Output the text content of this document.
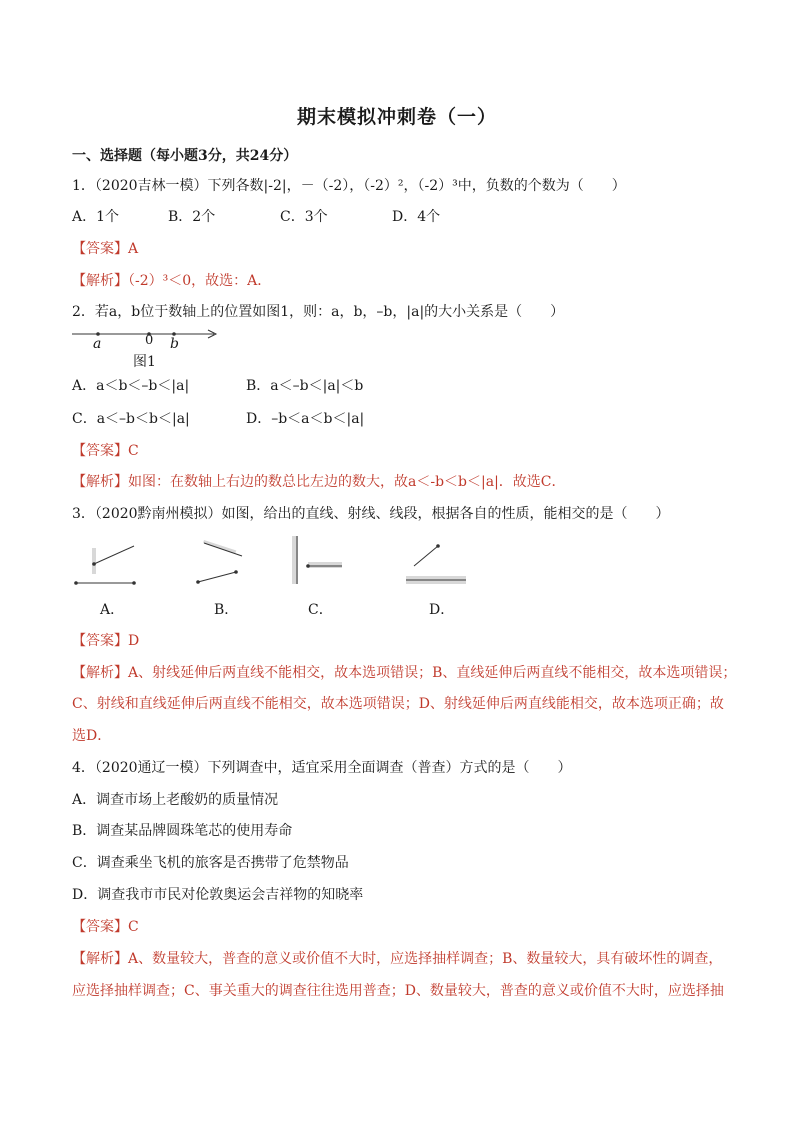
期末模拟冲刺卷（一）
一、选择题（每小题3分，共24分）
1．（2020吉林一模）下列各数|-2|，－（-2），（-2）²，（-2）³中，负数的个数为（　　）
A．1个	B．2个	C．3个	D．4个
【答案】A
【解析】（-2）³＜0，故选：A．
2．若a，b位于数轴上的位置如图1，则：a，b，–b，|a|的大小关系是（　　）
a	0 b
图1
A．a＜b＜–b＜|a|	B．a＜–b＜|a|＜b
C．a＜–b＜b＜|a|	D．–b＜a＜b＜|a|
【答案】C
【解析】如图：在数轴上右边的数总比左边的数大，故a＜-b＜b＜|a|．故选C．
3．（2020黔南州模拟）如图，给出的直线、射线、线段，根据各自的性质，能相交的是（　　）
A．	B．	C．	D．
【答案】D
【解析】A、射线延伸后两直线不能相交，故本选项错误；B、直线延伸后两直线不能相交，故本选项错误；
C、射线和直线延伸后两直线不能相交，故本选项错误；D、射线延伸后两直线能相交，故本选项正确；故
选D．
4．（2020通辽一模）下列调查中，适宜采用全面调查（普查）方式的是（　　）
A．调查市场上老酸奶的质量情况
B．调查某品牌圆珠笔芯的使用寿命
C．调查乘坐飞机的旅客是否携带了危禁物品
D．调查我市市民对伦敦奥运会吉祥物的知晓率
【答案】C
【解析】A、数量较大，普查的意义或价值不大时，应选择抽样调查；B、数量较大，具有破坏性的调查，
应选择抽样调查；C、事关重大的调查往往选用普查；D、数量较大，普查的意义或价值不大时，应选择抽
